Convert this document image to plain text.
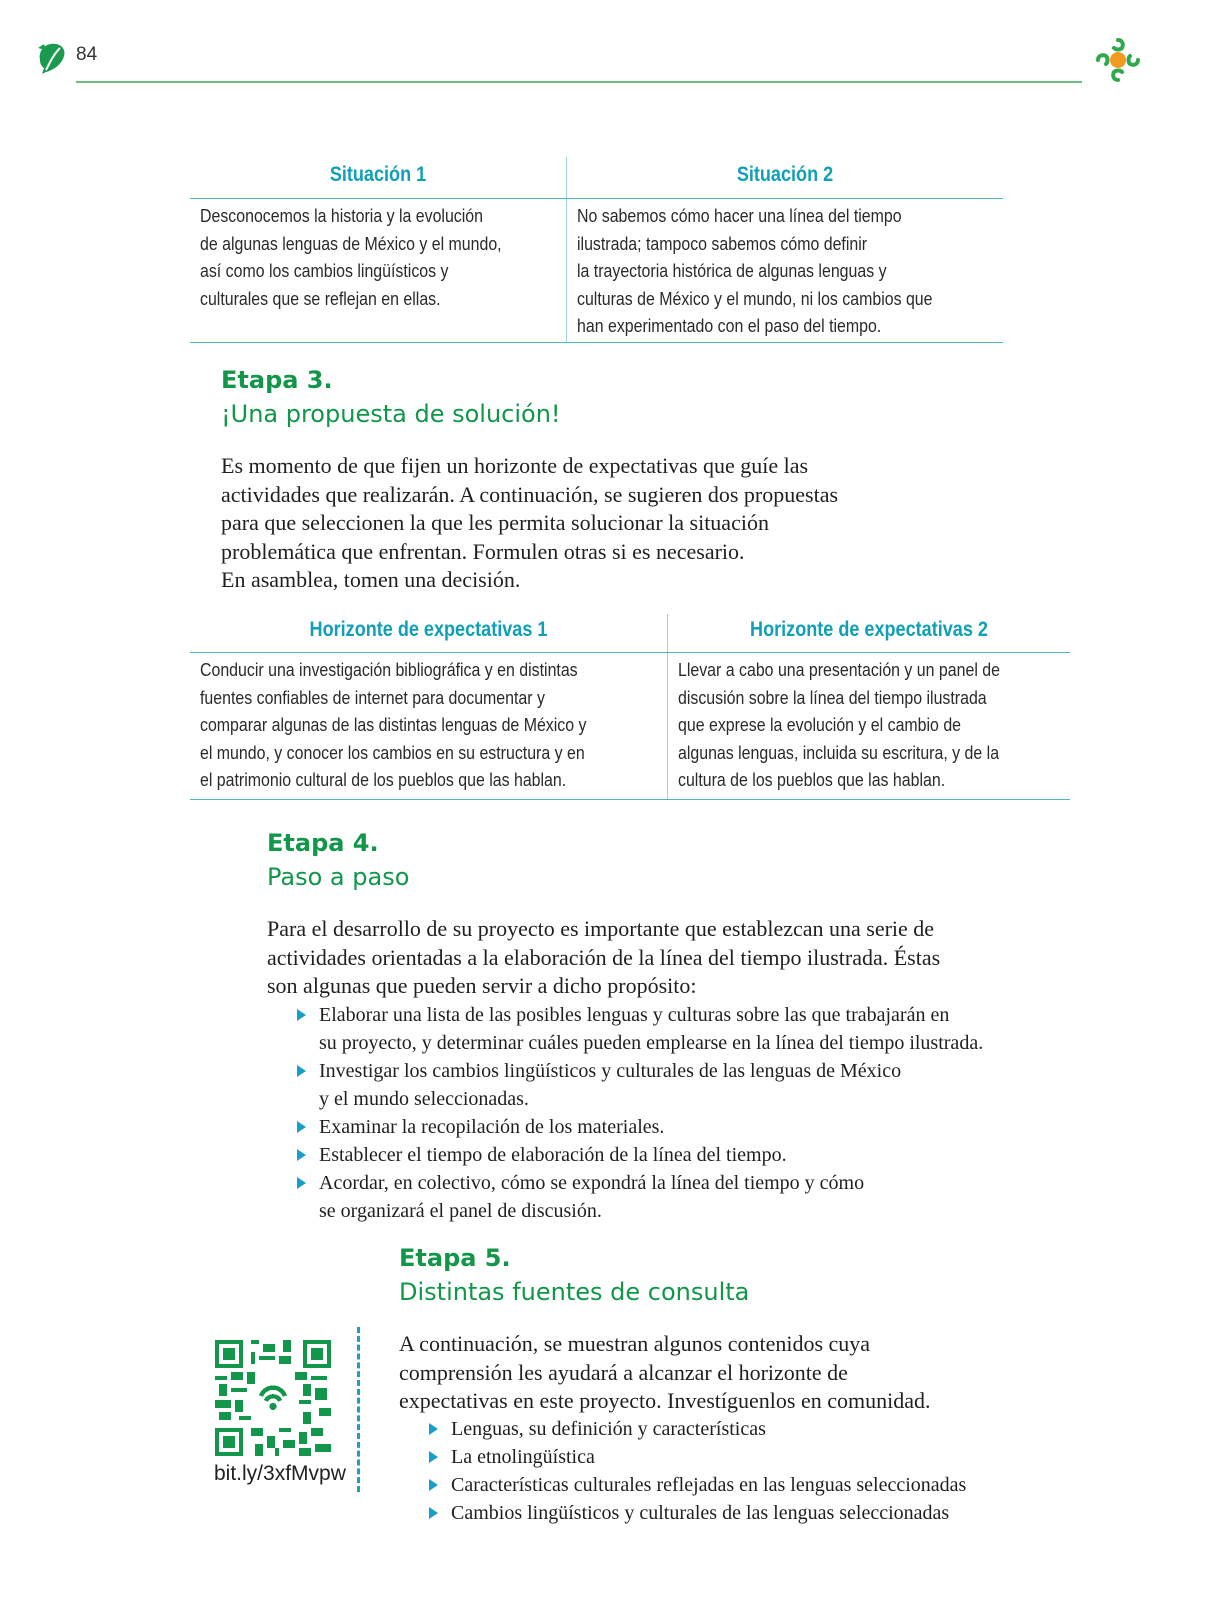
84
Situación 1
Desconocemos la historia y la evolución
de algunas lenguas de México y el mundo,
así como los cambios lingüísticos y
culturales que se reflejan en ellas.
Situación 2
No sabemos cómo hacer una línea del tiempo
ilustrada; tampoco sabemos cómo definir
la trayectoria histórica de algunas lenguas y
culturas de México y el mundo, ni los cambios que
han experimentado con el paso del tiempo.
Etapa 3.
¡Una propuesta de solución!
Es momento de que fijen un horizonte de expectativas que guíe las
actividades que realizarán. A continuación, se sugieren dos propuestas
para que seleccionen la que les permita solucionar la situación
problemática que enfrentan. Formulen otras si es necesario.
En asamblea, tomen una decisión.
Horizonte de expectativas 1
Conducir una investigación bibliográfica y en distintas
fuentes confiables de internet para documentar y
comparar algunas de las distintas lenguas de México y
el mundo, y conocer los cambios en su estructura y en
el patrimonio cultural de los pueblos que las hablan.
Horizonte de expectativas 2
Llevar a cabo una presentación y un panel de
discusión sobre la línea del tiempo ilustrada
que exprese la evolución y el cambio de
algunas lenguas, incluida su escritura, y de la
cultura de los pueblos que las hablan.
Etapa 4.
Paso a paso
Para el desarrollo de su proyecto es importante que establezcan una serie de
actividades orientadas a la elaboración de la línea del tiempo ilustrada. Éstas
son algunas que pueden servir a dicho propósito:
Elaborar una lista de las posibles lenguas y culturas sobre las que trabajarán en
su proyecto, y determinar cuáles pueden emplearse en la línea del tiempo ilustrada.
Investigar los cambios lingüísticos y culturales de las lenguas de México
y el mundo seleccionadas.
Examinar la recopilación de los materiales.
Establecer el tiempo de elaboración de la línea del tiempo.
Acordar, en colectivo, cómo se expondrá la línea del tiempo y cómo
se organizará el panel de discusión.
Etapa 5.
Distintas fuentes de consulta
A continuación, se muestran algunos contenidos cuya
comprensión les ayudará a alcanzar el horizonte de
expectativas en este proyecto. Investíguenlos en comunidad.
Lenguas, su definición y características
La etnolingüística
Características culturales reflejadas en las lenguas seleccionadas
Cambios lingüísticos y culturales de las lenguas seleccionadas
bit.ly/3xfMvpw
